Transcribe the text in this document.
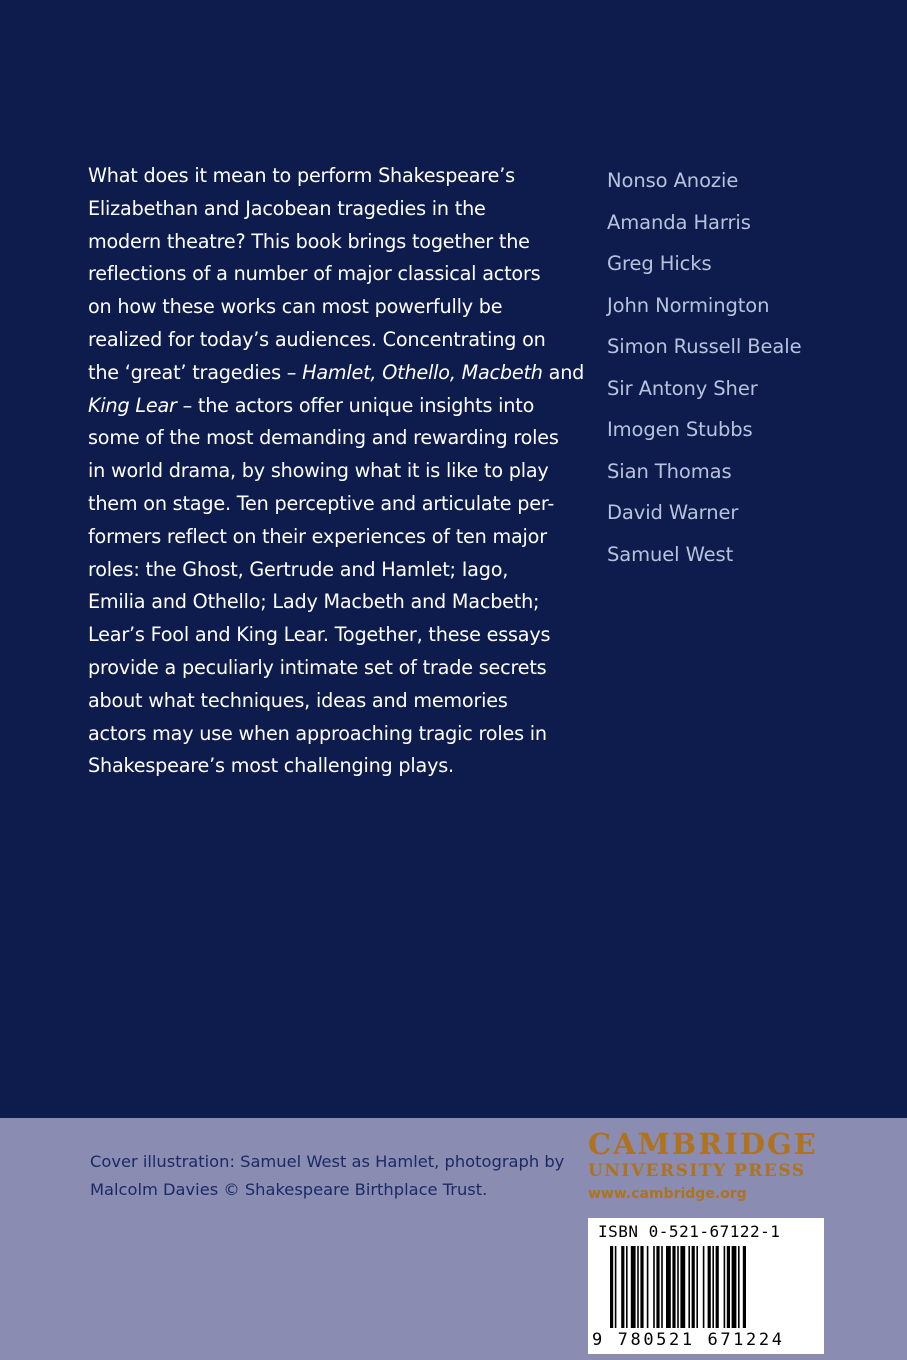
What does it mean to perform Shakespeare’s
Elizabethan and Jacobean tragedies in the
modern theatre? This book brings together the
reflections of a number of major classical actors
on how these works can most powerfully be
realized for today’s audiences. Concentrating on
the ‘great’ tragedies – Hamlet, Othello, Macbeth and
King Lear – the actors offer unique insights into
some of the most demanding and rewarding roles
in world drama, by showing what it is like to play
them on stage. Ten perceptive and articulate per-
formers reflect on their experiences of ten major
roles: the Ghost, Gertrude and Hamlet; Iago,
Emilia and Othello; Lady Macbeth and Macbeth;
Lear’s Fool and King Lear. Together, these essays
provide a peculiarly intimate set of trade secrets
about what techniques, ideas and memories
actors may use when approaching tragic roles in
Shakespeare’s most challenging plays.

Nonso Anozie
Amanda Harris
Greg Hicks
John Normington
Simon Russell Beale
Sir Antony Sher
Imogen Stubbs
Sian Thomas
David Warner
Samuel West

Cover illustration: Samuel West as Hamlet, photograph by
Malcolm Davies © Shakespeare Birthplace Trust.

CAMBRIDGE
UNIVERSITY PRESS
www.cambridge.org
ISBN 0-521-67122-1
9 780521 671224
